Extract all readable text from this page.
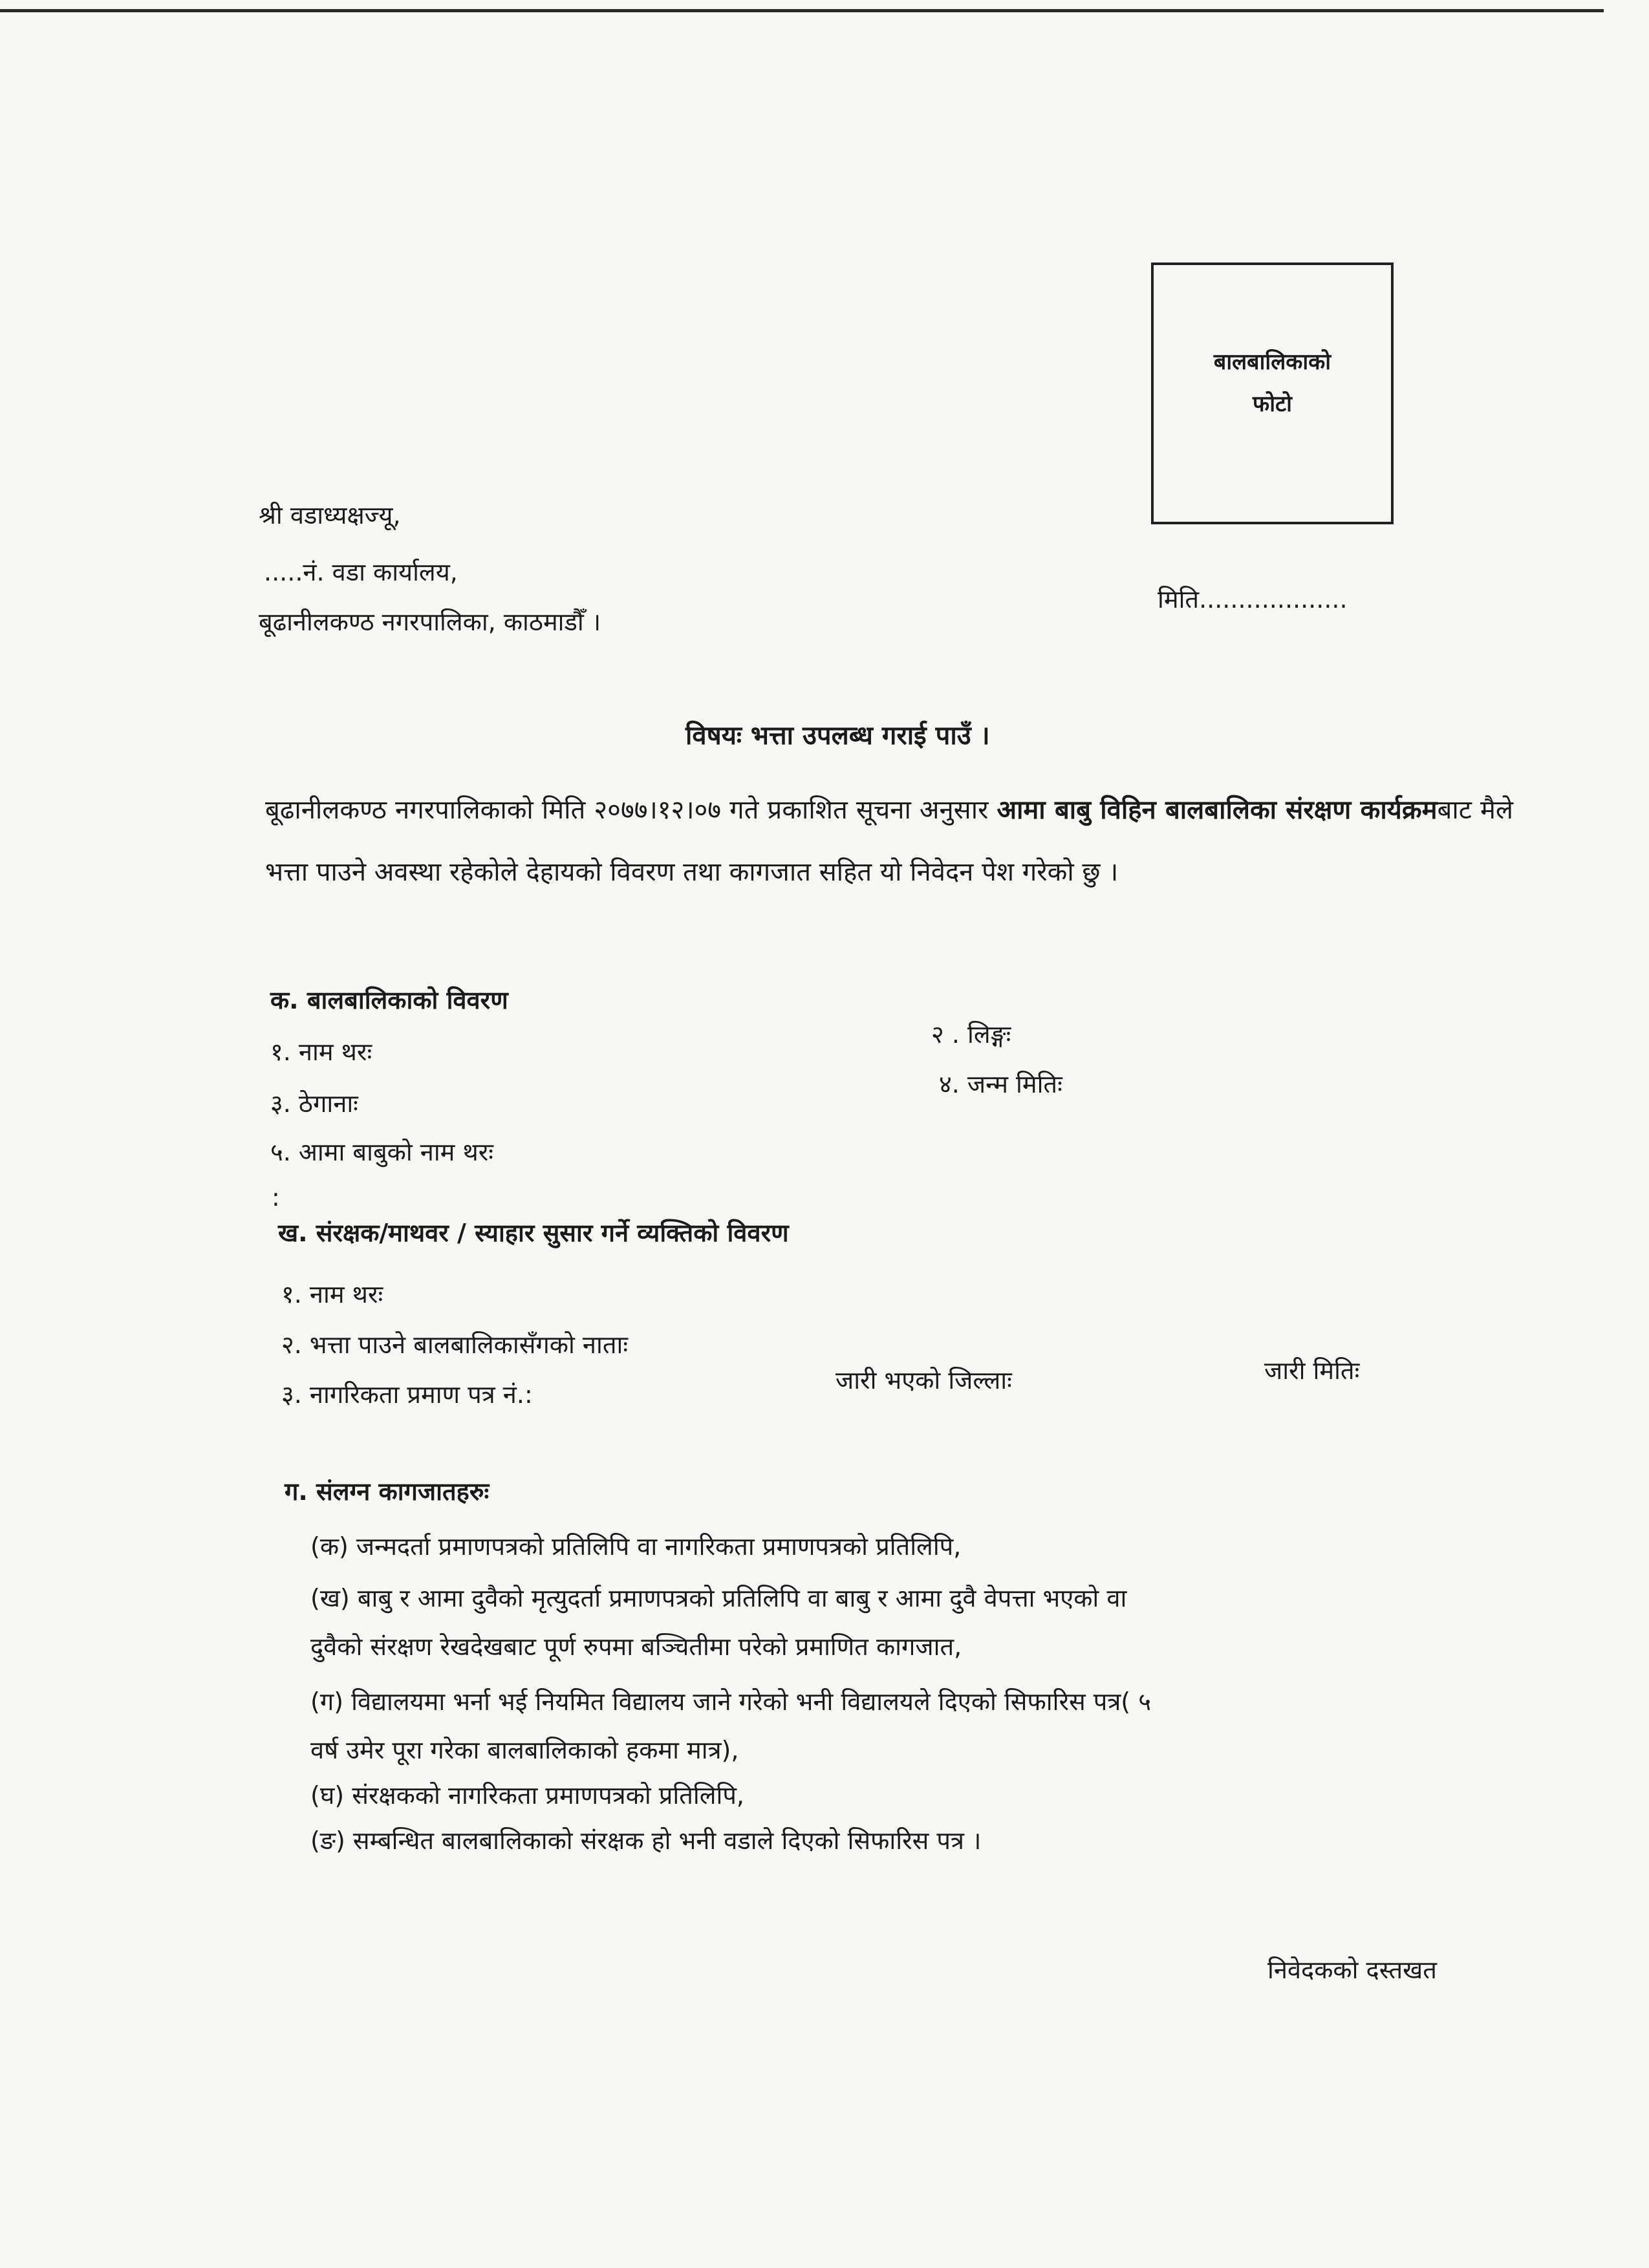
बालबालिकाको
फोटो
श्री वडाध्यक्षज्यू,
.....नं. वडा कार्यालय,
बूढानीलकण्ठ नगरपालिका, काठमाडौँ ।
मिति...................
विषयः भत्ता उपलब्ध गराई पाउँ ।
बूढानीलकण्ठ नगरपालिकाको मिति २०७७।१२।०७ गते प्रकाशित सूचना अनुसार आमा बाबु विहिन बालबालिका संरक्षण कार्यक्रमबाट मैले भत्ता पाउने अवस्था रहेकोले देहायको विवरण तथा कागजात सहित यो निवेदन पेश गरेको छु ।
क. बालबालिकाको विवरण
१. नाम थरः
२ . लिङ्गः
३. ठेगानाः
४. जन्म मितिः
५. आमा बाबुको नाम थरः
:
ख. संरक्षक/माथवर / स्याहार सुसार गर्ने व्यक्तिको विवरण
१. नाम थरः
२. भत्ता पाउने बालबालिकासँगको नाताः
३. नागरिकता प्रमाण पत्र नं.:	जारी भएको जिल्लाः	जारी मितिः
ग. संलग्न कागजातहरुः
(क) जन्मदर्ता प्रमाणपत्रको प्रतिलिपि वा नागरिकता प्रमाणपत्रको प्रतिलिपि,
(ख) बाबु र आमा दुवैको मृत्युदर्ता प्रमाणपत्रको प्रतिलिपि वा बाबु र आमा दुवै वेपत्ता भएको वा
दुवैको संरक्षण रेखदेखबाट पूर्ण रुपमा बञ्चितीमा परेको प्रमाणित कागजात,
(ग) विद्यालयमा भर्ना भई नियमित विद्यालय जाने गरेको भनी विद्यालयले दिएको सिफारिस पत्र( ५
वर्ष उमेर पूरा गरेका बालबालिकाको हकमा मात्र),
(घ) संरक्षकको नागरिकता प्रमाणपत्रको प्रतिलिपि,
(ङ) सम्बन्धित बालबालिकाको संरक्षक हो भनी वडाले दिएको सिफारिस पत्र ।
निवेदकको दस्तखत
